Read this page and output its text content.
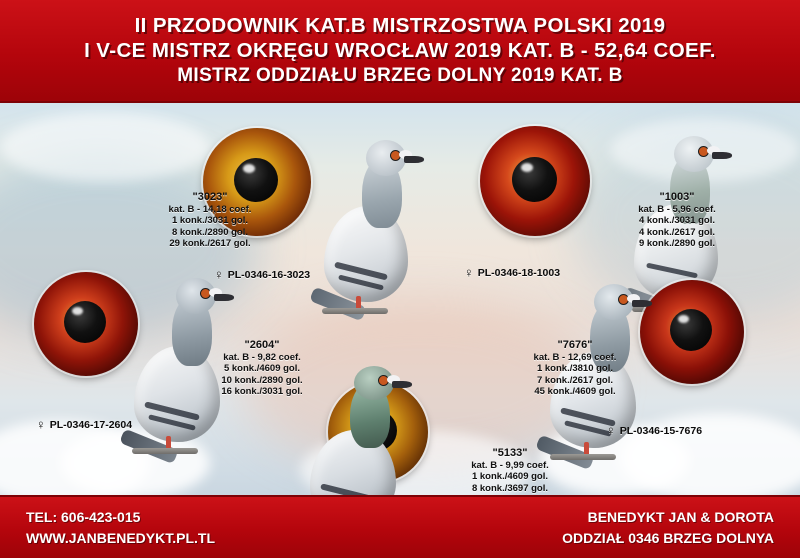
II PRZODOWNIK KAT.B MISTRZOSTWA POLSKI 2019
I V-CE MISTRZ OKRĘGU WROCŁAW 2019 KAT. B - 52,64 COEF.
MISTRZ ODDZIAŁU BRZEG DOLNY 2019 KAT. B
"3023"
kat. B - 14,18 coef.
1 konk./3031 gol.
8 konk./2890 gol.
29 konk./2617 gol.
♀ PL-0346-16-3023
"1003"
kat. B - 5,96 coef.
4 konk./3031 gol.
4 konk./2617 gol.
9 konk./2890 gol.
♀ PL-0346-18-1003
"2604"
kat. B - 9,82 coef.
5 konk./4609 gol.
10 konk./2890 gol.
16 konk./3031 gol.
♀ PL-0346-17-2604
"7676"
kat. B - 12,69 coef.
1 konk./3810 gol.
7 konk./2617 gol.
45 konk./4609 gol.
♀ PL-0346-15-7676
"5133"
kat. B - 9,99 coef.
1 konk./4609 gol.
8 konk./3697 gol.
TEL: 606-423-015
WWW.JANBENEDYKT.PL.TL
BENEDYKT JAN & DOROTA
ODDZIAŁ 0346 BRZEG DOLNYA
